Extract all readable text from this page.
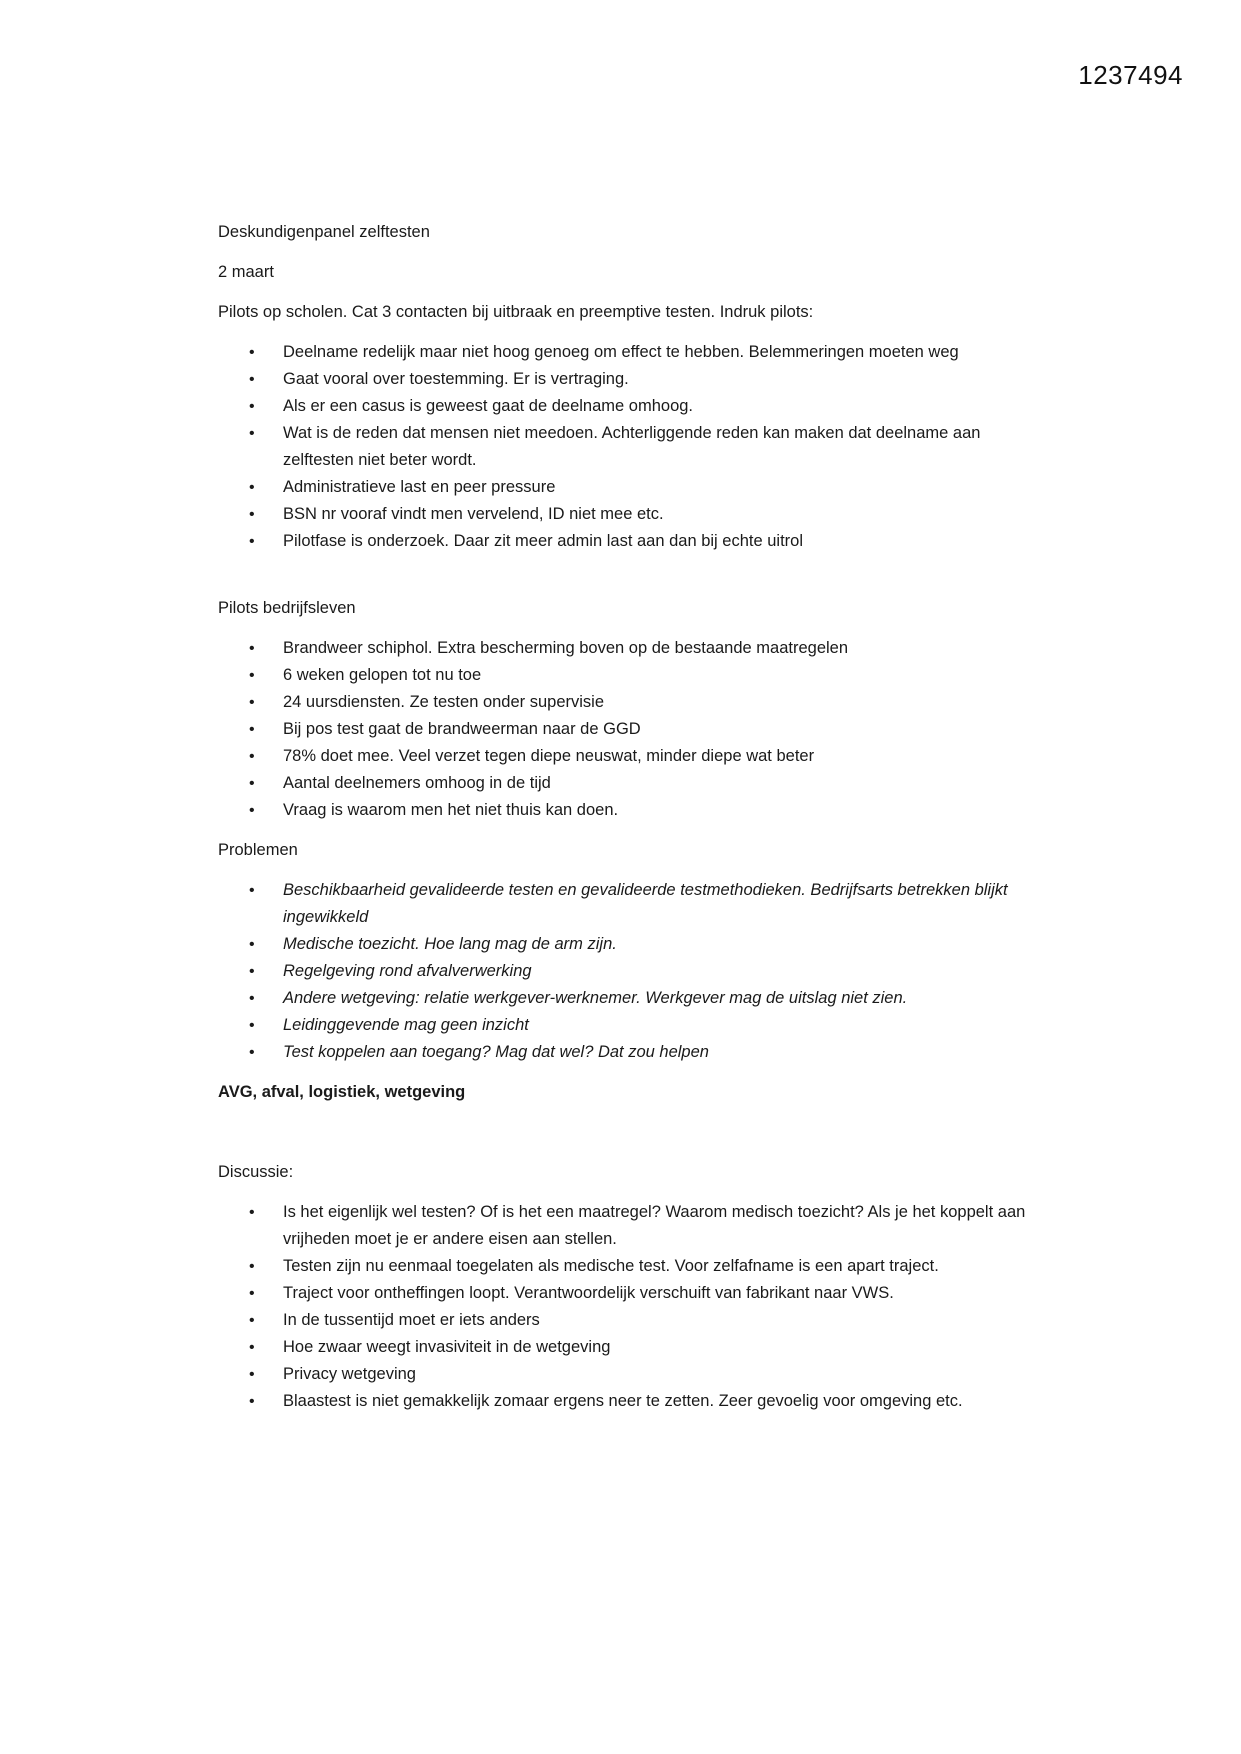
1237494

Deskundigenpanel zelftesten

2 maart

Pilots op scholen. Cat 3 contacten bij uitbraak en preemptive testen. Indruk pilots:

• Deelname redelijk maar niet hoog genoeg om effect te hebben. Belemmeringen moeten weg
• Gaat vooral over toestemming. Er is vertraging.
• Als er een casus is geweest gaat de deelname omhoog.
• Wat is de reden dat mensen niet meedoen. Achterliggende reden kan maken dat deelname aan zelftesten niet beter wordt.
• Administratieve last en peer pressure
• BSN nr vooraf vindt men vervelend, ID niet mee etc.
• Pilotfase is onderzoek. Daar zit meer admin last aan dan bij echte uitrol

Pilots bedrijfsleven

• Brandweer schiphol. Extra bescherming boven op de bestaande maatregelen
• 6 weken gelopen tot nu toe
• 24 uursdiensten. Ze testen onder supervisie
• Bij pos test gaat de brandweerman naar de GGD
• 78% doet mee. Veel verzet tegen diepe neuswat, minder diepe wat beter
• Aantal deelnemers omhoog in de tijd
• Vraag is waarom men het niet thuis kan doen.

Problemen

• Beschikbaarheid gevalideerde testen en gevalideerde testmethodieken. Bedrijfsarts betrekken blijkt ingewikkeld
• Medische toezicht. Hoe lang mag de arm zijn.
• Regelgeving rond afvalverwerking
• Andere wetgeving: relatie werkgever-werknemer. Werkgever mag de uitslag niet zien.
• Leidinggevende mag geen inzicht
• Test koppelen aan toegang? Mag dat wel? Dat zou helpen

AVG, afval, logistiek, wetgeving

Discussie:

• Is het eigenlijk wel testen? Of is het een maatregel? Waarom medisch toezicht? Als je het koppelt aan vrijheden moet je er andere eisen aan stellen.
• Testen zijn nu eenmaal toegelaten als medische test. Voor zelfafname is een apart traject.
• Traject voor ontheffingen loopt. Verantwoordelijk verschuift van fabrikant naar VWS.
• In de tussentijd moet er iets anders
• Hoe zwaar weegt invasiviteit in de wetgeving
• Privacy wetgeving
• Blaastest is niet gemakkelijk zomaar ergens neer te zetten. Zeer gevoelig voor omgeving etc.
